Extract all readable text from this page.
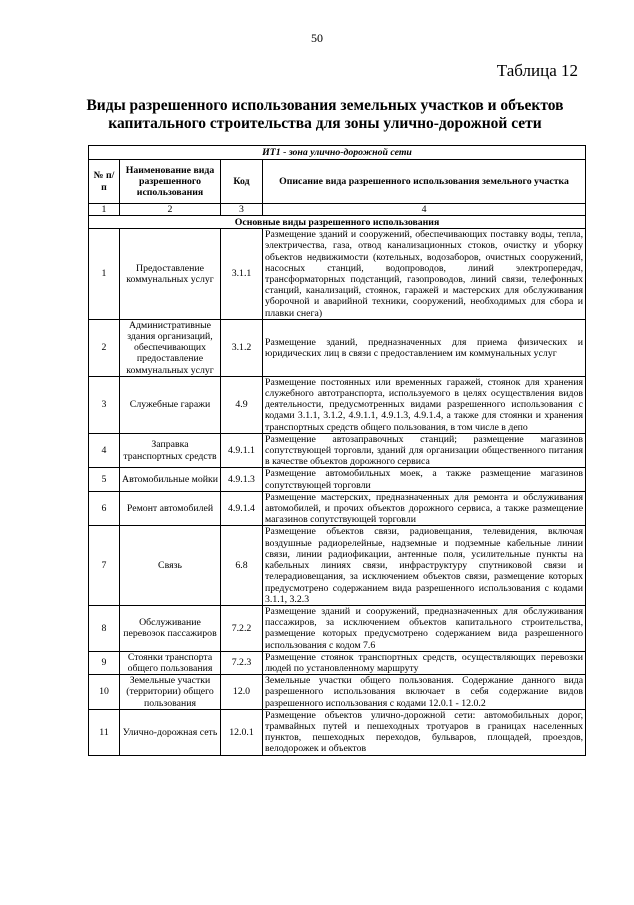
50
Таблица 12
Виды разрешенного использования земельных участков и объектов
капитального строительства для зоны улично-дорожной сети
ИТ1 - зона улично-дорожной сети			
№ п/п	Наименование вида разрешенного использования	Код	Описание вида разрешенного использования земельного участка
1	2	3	4
Основные виды разрешенного использования			
1	Предоставление коммунальных услуг	3.1.1	Размещение зданий и сооружений, обеспечивающих поставку воды, тепла, электричества, газа, отвод канализационных стоков, очистку и уборку объектов недвижимости (котельных, водозаборов, очистных сооружений, насосных станций, водопроводов, линий электропередач, трансформаторных подстанций, газопроводов, линий связи, телефонных станций, канализаций, стоянок, гаражей и мастерских для обслуживания уборочной и аварийной техники, сооружений, необходимых для сбора и плавки снега)
2	Административные здания организаций, обеспечивающих предоставление коммунальных услуг	3.1.2	Размещение зданий, предназначенных для приема физических и юридических лиц в связи с предоставлением им коммунальных услуг
3	Служебные гаражи	4.9	Размещение постоянных или временных гаражей, стоянок для хранения служебного автотранспорта, используемого в целях осуществления видов деятельности, предусмотренных видами разрешенного использования с кодами 3.1.1, 3.1.2, 4.9.1.1, 4.9.1.3, 4.9.1.4, а также для стоянки и хранения транспортных средств общего пользования, в том числе в депо
4	Заправка транспортных средств	4.9.1.1	Размещение автозаправочных станций; размещение магазинов сопутствующей торговли, зданий для организации общественного питания в качестве объектов дорожного сервиса
5	Автомобильные мойки	4.9.1.3	Размещение автомобильных моек, а также размещение магазинов сопутствующей торговли
6	Ремонт автомобилей	4.9.1.4	Размещение мастерских, предназначенных для ремонта и обслуживания автомобилей, и прочих объектов дорожного сервиса, а также размещение магазинов сопутствующей торговли
7	Связь	6.8	Размещение объектов связи, радиовещания, телевидения, включая воздушные радиорелейные, надземные и подземные кабельные линии связи, линии радиофикации, антенные поля, усилительные пункты на кабельных линиях связи, инфраструктуру спутниковой связи и телерадиовещания, за исключением объектов связи, размещение которых предусмотрено содержанием вида разрешенного использования с кодами 3.1.1, 3.2.3
8	Обслуживание перевозок пассажиров	7.2.2	Размещение зданий и сооружений, предназначенных для обслуживания пассажиров, за исключением объектов капитального строительства, размещение которых предусмотрено содержанием вида разрешенного использования с кодом 7.6
9	Стоянки транспорта общего пользования	7.2.3	Размещение стоянок транспортных средств, осуществляющих перевозки людей по установленному маршруту
10	Земельные участки (территории) общего пользования	12.0	Земельные участки общего пользования. Содержание данного вида разрешенного использования включает в себя содержание видов разрешенного использования с кодами 12.0.1 - 12.0.2
11	Улично-дорожная сеть	12.0.1	Размещение объектов улично-дорожной сети: автомобильных дорог, трамвайных путей и пешеходных тротуаров в границах населенных пунктов, пешеходных переходов, бульваров, площадей, проездов, велодорожек и объектов
